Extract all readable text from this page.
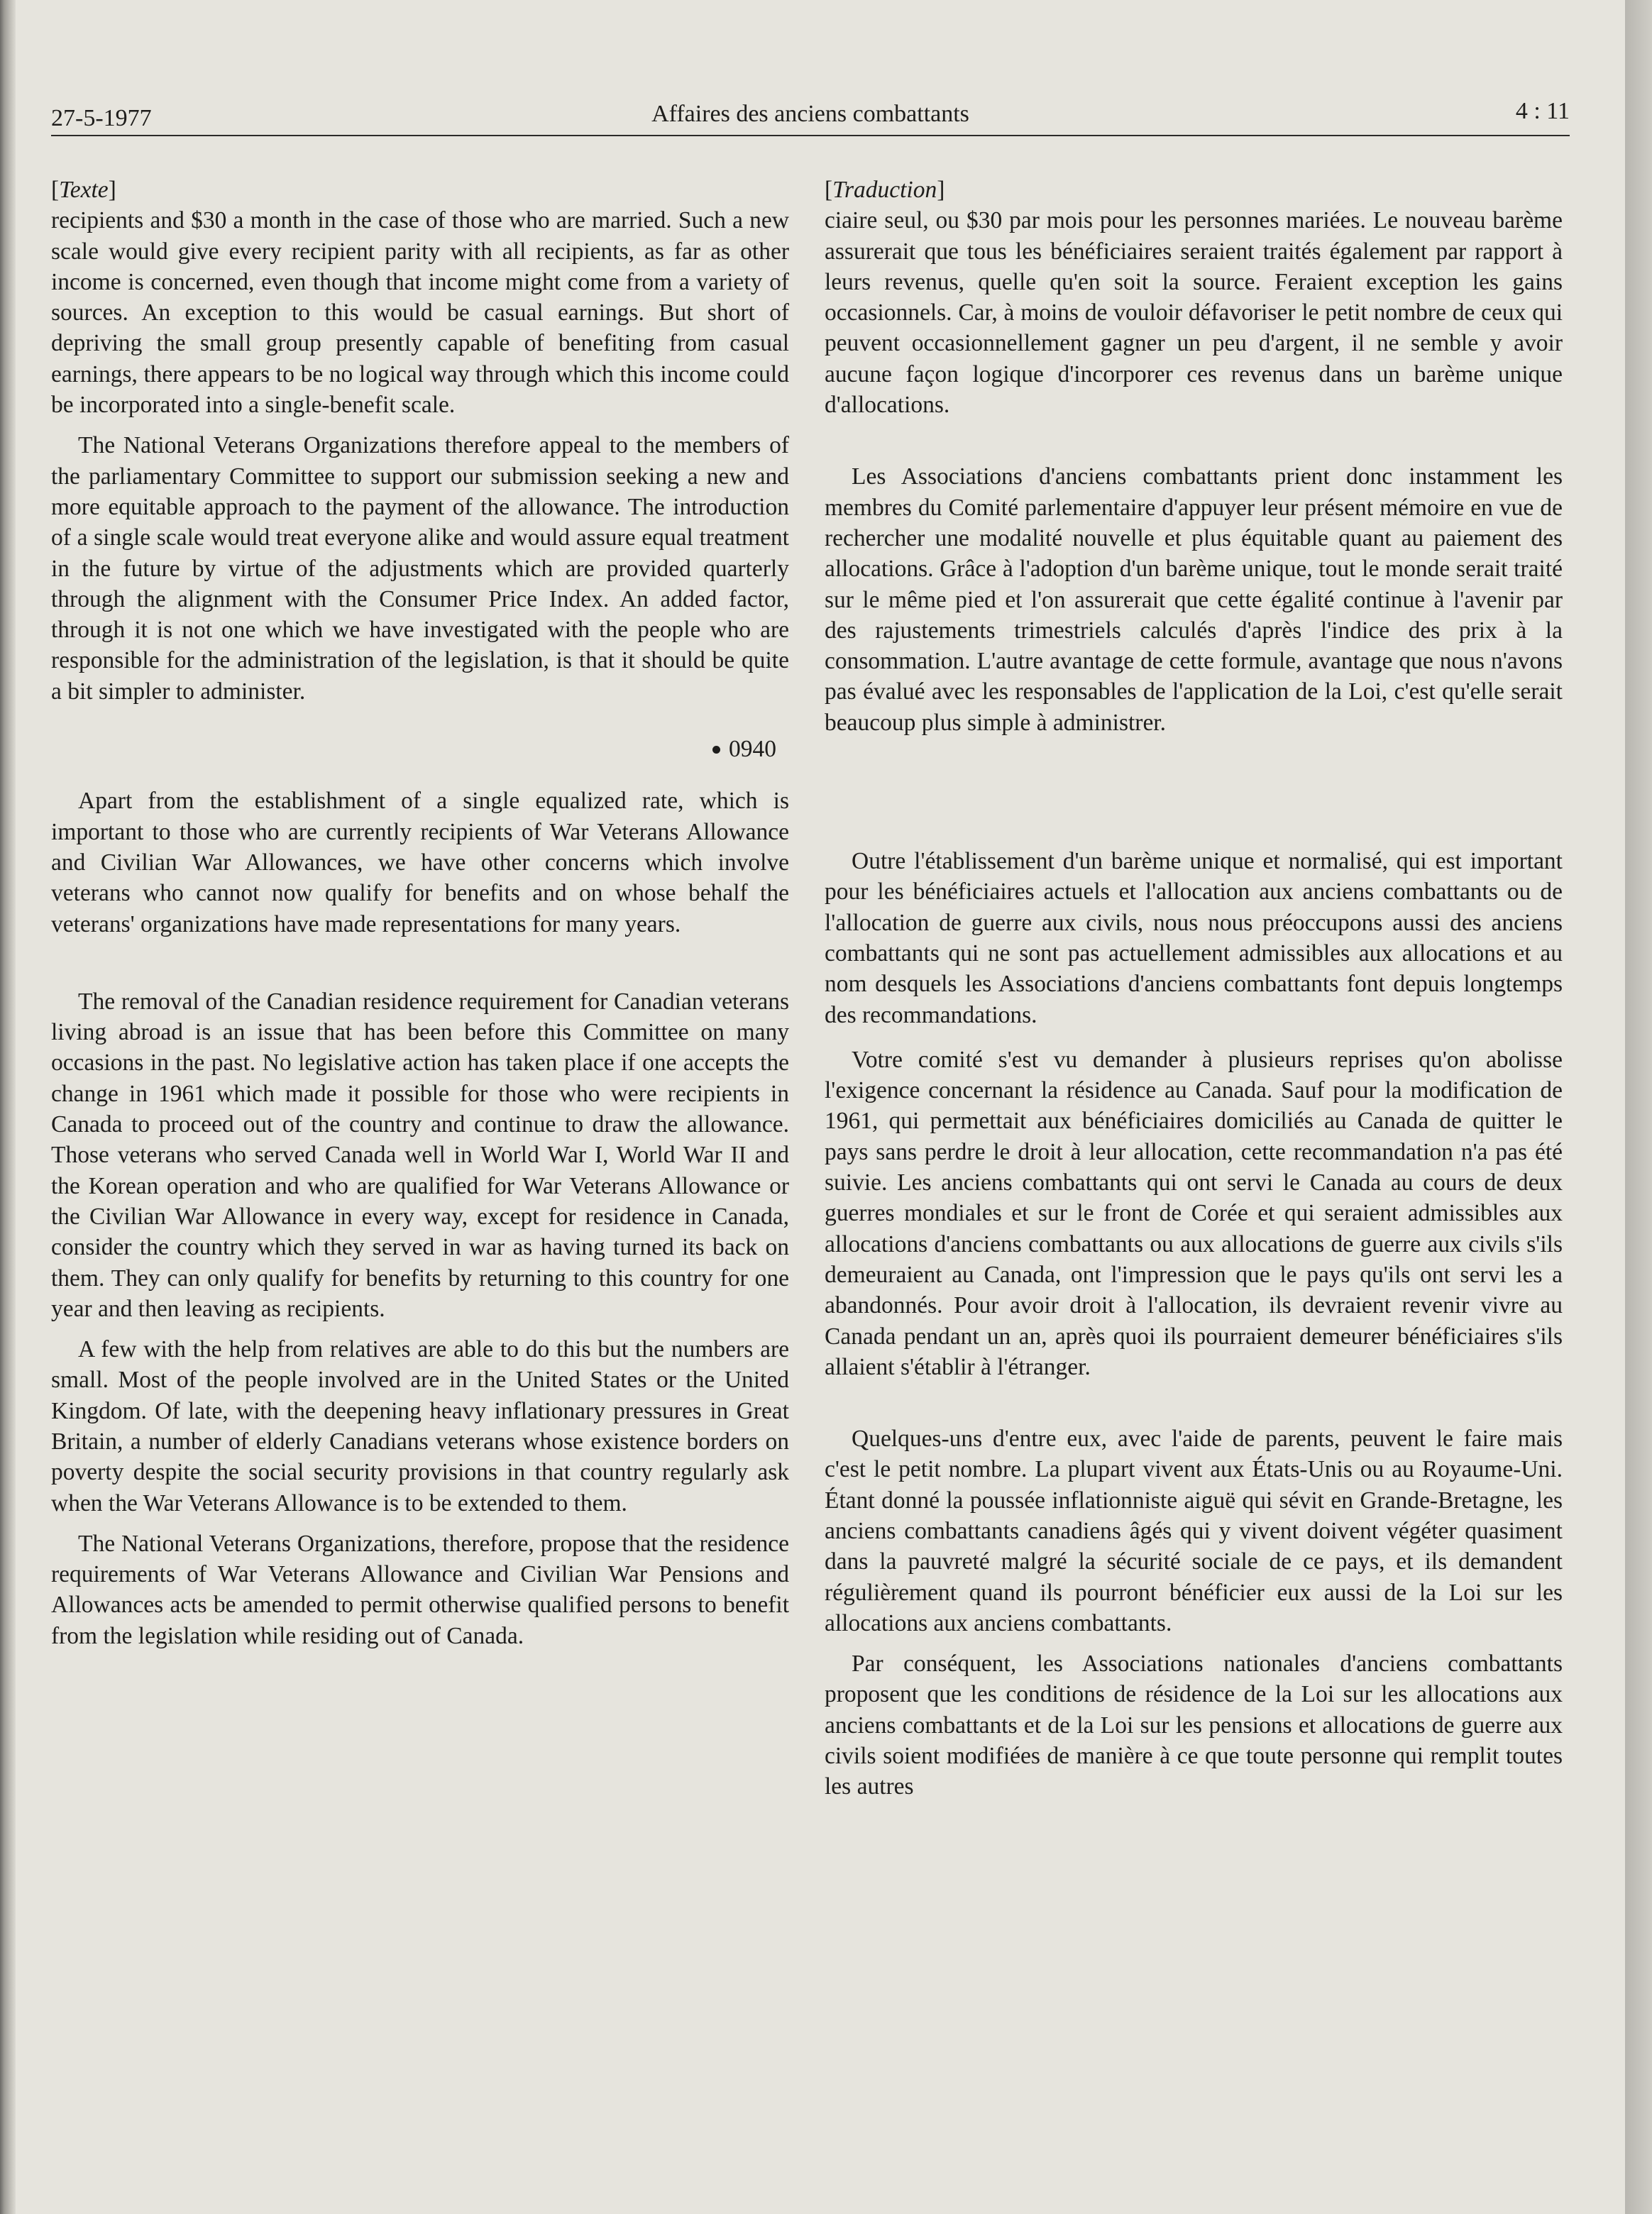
27-5-1977	Affaires des anciens combattants	4 : 11

[Texte]

recipients and $30 a month in the case of those who are married. Such a new scale would give every recipient parity with all recipients, as far as other income is concerned, even though that income might come from a variety of sources. An exception to this would be casual earnings. But short of depriving the small group presently capable of benefiting from casual earnings, there appears to be no logical way through which this income could be incorporated into a single-benefit scale.

The National Veterans Organizations therefore appeal to the members of the parliamentary Committee to support our submission seeking a new and more equitable approach to the payment of the allowance. The introduction of a single scale would treat everyone alike and would assure equal treatment in the future by virtue of the adjustments which are provided quarterly through the alignment with the Consumer Price Index. An added factor, through it is not one which we have investigated with the people who are responsible for the administration of the legislation, is that it should be quite a bit simpler to administer.

0940

Apart from the establishment of a single equalized rate, which is important to those who are currently recipients of War Veterans Allowance and Civilian War Allowances, we have other concerns which involve veterans who cannot now qualify for benefits and on whose behalf the veterans' organizations have made representations for many years.

The removal of the Canadian residence requirement for Canadian veterans living abroad is an issue that has been before this Committee on many occasions in the past. No legislative action has taken place if one accepts the change in 1961 which made it possible for those who were recipients in Canada to proceed out of the country and continue to draw the allowance. Those veterans who served Canada well in World War I, World War II and the Korean operation and who are qualified for War Veterans Allowance or the Civilian War Allowance in every way, except for residence in Canada, consider the country which they served in war as having turned its back on them. They can only qualify for benefits by returning to this country for one year and then leaving as recipients.

A few with the help from relatives are able to do this but the numbers are small. Most of the people involved are in the United States or the United Kingdom. Of late, with the deepening heavy inflationary pressures in Great Britain, a number of elderly Canadians veterans whose existence borders on poverty despite the social security provisions in that country regularly ask when the War Veterans Allowance is to be extended to them.

The National Veterans Organizations, therefore, propose that the residence requirements of War Veterans Allowance and Civilian War Pensions and Allowances acts be amended to permit otherwise qualified persons to benefit from the legislation while residing out of Canada.

[Traduction]

ciaire seul, ou $30 par mois pour les personnes mariées. Le nouveau barème assurerait que tous les bénéficiaires seraient traités également par rapport à leurs revenus, quelle qu'en soit la source. Feraient exception les gains occasionnels. Car, à moins de vouloir défavoriser le petit nombre de ceux qui peuvent occasionnellement gagner un peu d'argent, il ne semble y avoir aucune façon logique d'incorporer ces revenus dans un barème unique d'allocations.

Les Associations d'anciens combattants prient donc instamment les membres du Comité parlementaire d'appuyer leur présent mémoire en vue de rechercher une modalité nouvelle et plus équitable quant au paiement des allocations. Grâce à l'adoption d'un barème unique, tout le monde serait traité sur le même pied et l'on assurerait que cette égalité continue à l'avenir par des rajustements trimestriels calculés d'après l'indice des prix à la consommation. L'autre avantage de cette formule, avantage que nous n'avons pas évalué avec les responsables de l'application de la Loi, c'est qu'elle serait beaucoup plus simple à administrer.

Outre l'établissement d'un barème unique et normalisé, qui est important pour les bénéficiaires actuels et l'allocation aux anciens combattants ou de l'allocation de guerre aux civils, nous nous préoccupons aussi des anciens combattants qui ne sont pas actuellement admissibles aux allocations et au nom desquels les Associations d'anciens combattants font depuis longtemps des recommandations.

Votre comité s'est vu demander à plusieurs reprises qu'on abolisse l'exigence concernant la résidence au Canada. Sauf pour la modification de 1961, qui permettait aux bénéficiaires domiciliés au Canada de quitter le pays sans perdre le droit à leur allocation, cette recommandation n'a pas été suivie. Les anciens combattants qui ont servi le Canada au cours de deux guerres mondiales et sur le front de Corée et qui seraient admissibles aux allocations d'anciens combattants ou aux allocations de guerre aux civils s'ils demeuraient au Canada, ont l'impression que le pays qu'ils ont servi les a abandonnés. Pour avoir droit à l'allocation, ils devraient revenir vivre au Canada pendant un an, après quoi ils pourraient demeurer bénéficiaires s'ils allaient s'établir à l'étranger.

Quelques-uns d'entre eux, avec l'aide de parents, peuvent le faire mais c'est le petit nombre. La plupart vivent aux États-Unis ou au Royaume-Uni. Étant donné la poussée inflationniste aiguë qui sévit en Grande-Bretagne, les anciens combattants canadiens âgés qui y vivent doivent végéter quasiment dans la pauvreté malgré la sécurité sociale de ce pays, et ils demandent régulièrement quand ils pourront bénéficier eux aussi de la Loi sur les allocations aux anciens combattants.

Par conséquent, les Associations nationales d'anciens combattants proposent que les conditions de résidence de la Loi sur les allocations aux anciens combattants et de la Loi sur les pensions et allocations de guerre aux civils soient modifiées de manière à ce que toute personne qui remplit toutes les autres
